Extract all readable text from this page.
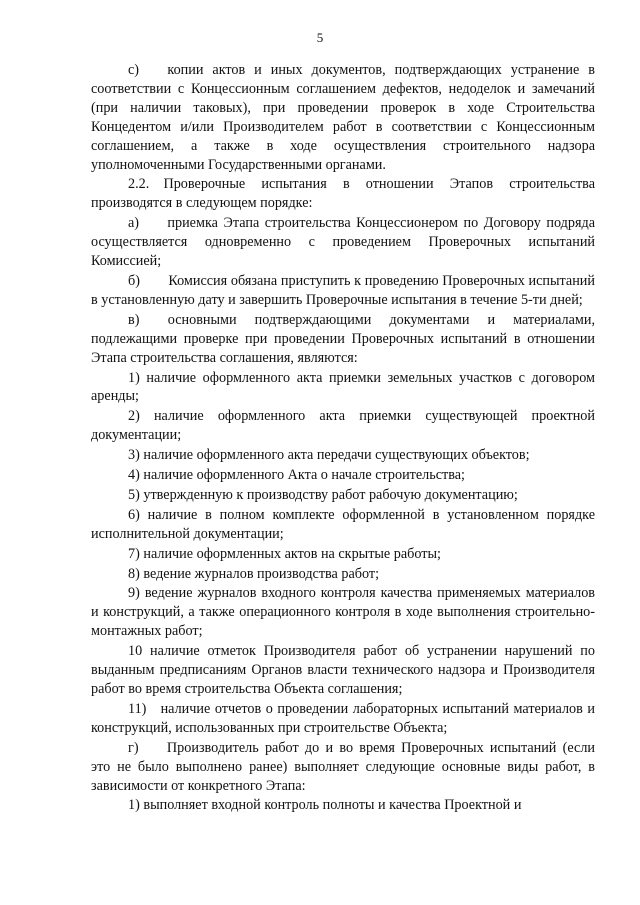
5

с)  копии актов и иных документов, подтверждающих устранение в соответствии с Концессионным соглашением дефектов, недоделок и замечаний (при наличии таковых), при проведении проверок в ходе Строительства Концедентом и/или Производителем работ в соответствии с Концессионным соглашением, а также в ходе осуществления строительного надзора уполномоченными Государственными органами.

2.2. Проверочные испытания в отношении Этапов строительства производятся в следующем порядке:

а)  приемка Этапа строительства Концессионером по Договору подряда осуществляется одновременно с проведением Проверочных испытаний Комиссией;

б)  Комиссия обязана приступить к проведению Проверочных испытаний в установленную дату и завершить Проверочные испытания в течение 5-ти дней;

в)  основными подтверждающими документами и материалами, подлежащими проверке при проведении Проверочных испытаний в отношении Этапа строительства соглашения, являются:

1) наличие оформленного акта приемки земельных участков с договором аренды;

2) наличие оформленного акта приемки существующей проектной документации;

3) наличие оформленного акта передачи существующих объектов;

4) наличие оформленного Акта о начале строительства;

5) утвержденную к производству работ рабочую документацию;

6) наличие в полном комплекте оформленной в установленном порядке исполнительной документации;

7) наличие оформленных актов на скрытые работы;

8) ведение журналов производства работ;

9) ведение журналов входного контроля качества применяемых материалов и конструкций, а также операционного контроля в ходе выполнения строительно-монтажных работ;

10 наличие отметок Производителя работ об устранении нарушений по выданным предписаниям Органов власти технического надзора и Производителя работ во время строительства Объекта соглашения;

11) наличие отчетов о проведении лабораторных испытаний материалов и конструкций, использованных при строительстве Объекта;

г)  Производитель работ до и во время Проверочных испытаний (если это не было выполнено ранее) выполняет следующие основные виды работ, в зависимости от конкретного Этапа:

1) выполняет входной контроль полноты и качества Проектной и
